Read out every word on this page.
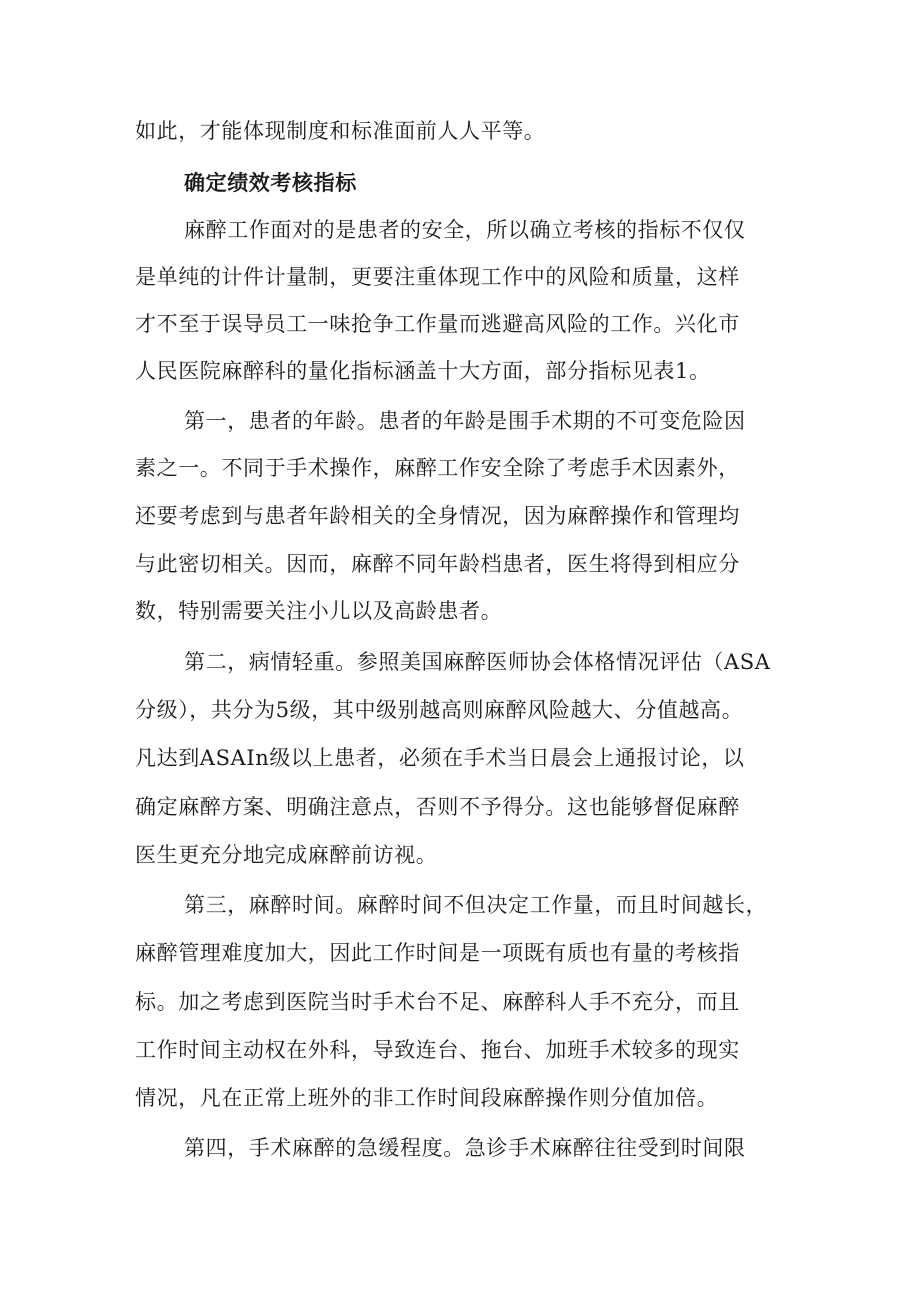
如此，才能体现制度和标准面前人人平等。
确定绩效考核指标
麻醉工作面对的是患者的安全，所以确立考核的指标不仅仅
是单纯的计件计量制，更要注重体现工作中的风险和质量，这样
才不至于误导员工一味抢争工作量而逃避高风险的工作。兴化市
人民医院麻醉科的量化指标涵盖十大方面，部分指标见表1。
第一，患者的年龄。患者的年龄是围手术期的不可变危险因
素之一。不同于手术操作，麻醉工作安全除了考虑手术因素外，
还要考虑到与患者年龄相关的全身情况，因为麻醉操作和管理均
与此密切相关。因而，麻醉不同年龄档患者，医生将得到相应分
数，特别需要关注小儿以及高龄患者。
第二，病情轻重。参照美国麻醉医师协会体格情况评估（ASA
分级），共分为5级，其中级别越高则麻醉风险越大、分值越高。
凡达到ASAIn级以上患者，必须在手术当日晨会上通报讨论，以
确定麻醉方案、明确注意点，否则不予得分。这也能够督促麻醉
医生更充分地完成麻醉前访视。
第三，麻醉时间。麻醉时间不但决定工作量，而且时间越长，
麻醉管理难度加大，因此工作时间是一项既有质也有量的考核指
标。加之考虑到医院当时手术台不足、麻醉科人手不充分，而且
工作时间主动权在外科，导致连台、拖台、加班手术较多的现实
情况，凡在正常上班外的非工作时间段麻醉操作则分值加倍。
第四，手术麻醉的急缓程度。急诊手术麻醉往往受到时间限
